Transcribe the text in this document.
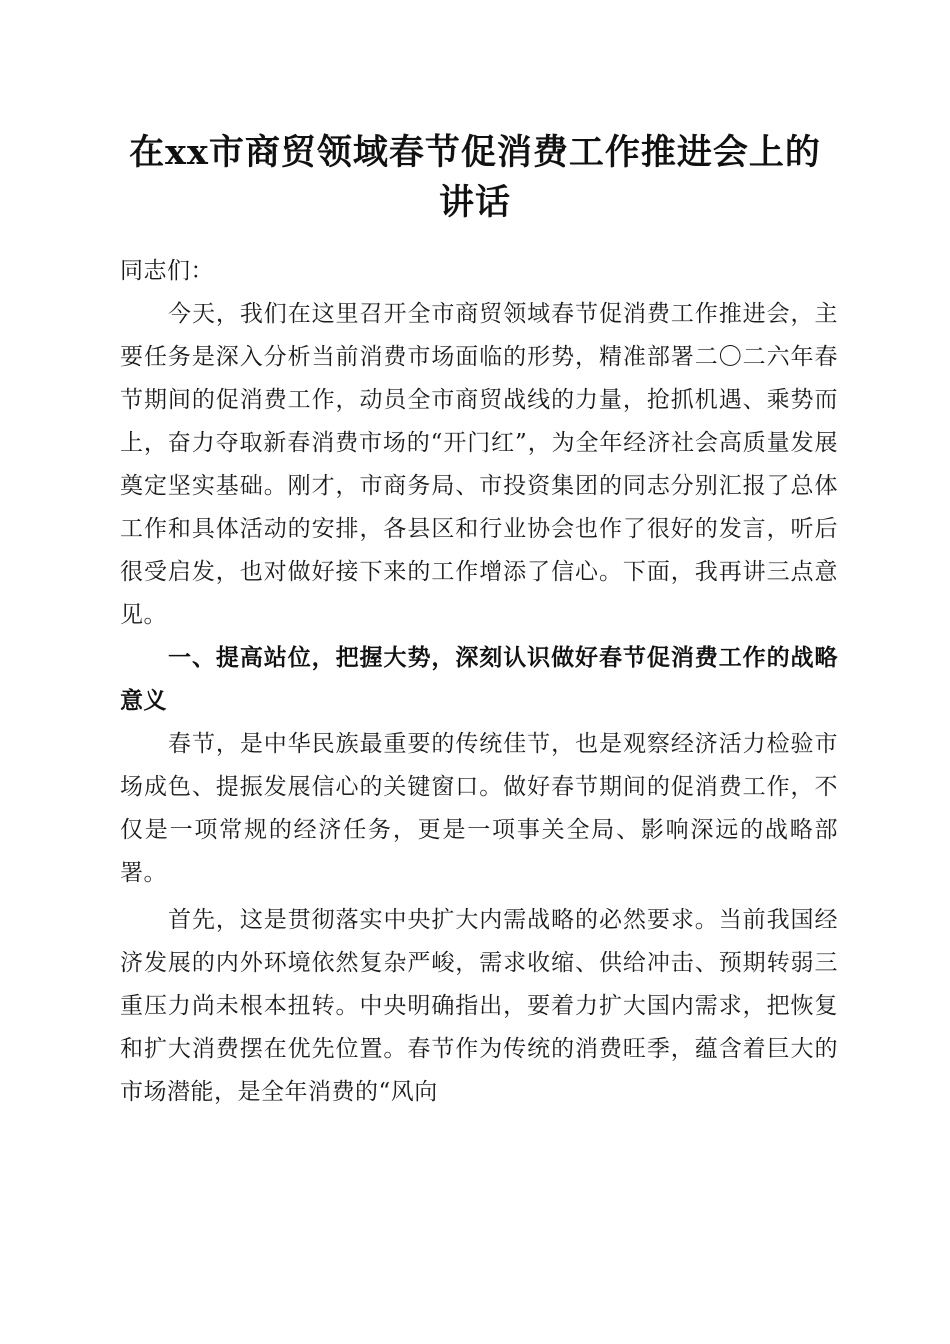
在xx市商贸领域春节促消费工作推进会上的
讲话

同志们：

今天，我们在这里召开全市商贸领域春节促消费工作推进会，主要任务是深入分析当前消费市场面临的形势，精准部署二〇二六年春节期间的促消费工作，动员全市商贸战线的力量，抢抓机遇、乘势而上，奋力夺取新春消费市场的“开门红”，为全年经济社会高质量发展奠定坚实基础。刚才，市商务局、市投资集团的同志分别汇报了总体工作和具体活动的安排，各县区和行业协会也作了很好的发言，听后很受启发，也对做好接下来的工作增添了信心。下面，我再讲三点意见。

一、提高站位，把握大势，深刻认识做好春节促消费工作的战略意义

春节，是中华民族最重要的传统佳节，也是观察经济活力检验市场成色、提振发展信心的关键窗口。做好春节期间的促消费工作，不仅是一项常规的经济任务，更是一项事关全局、影响深远的战略部署。

首先，这是贯彻落实中央扩大内需战略的必然要求。当前我国经济发展的内外环境依然复杂严峻，需求收缩、供给冲击、预期转弱三重压力尚未根本扭转。中央明确指出，要着力扩大国内需求，把恢复和扩大消费摆在优先位置。春节作为传统的消费旺季，蕴含着巨大的市场潜能，是全年消费的“风向
